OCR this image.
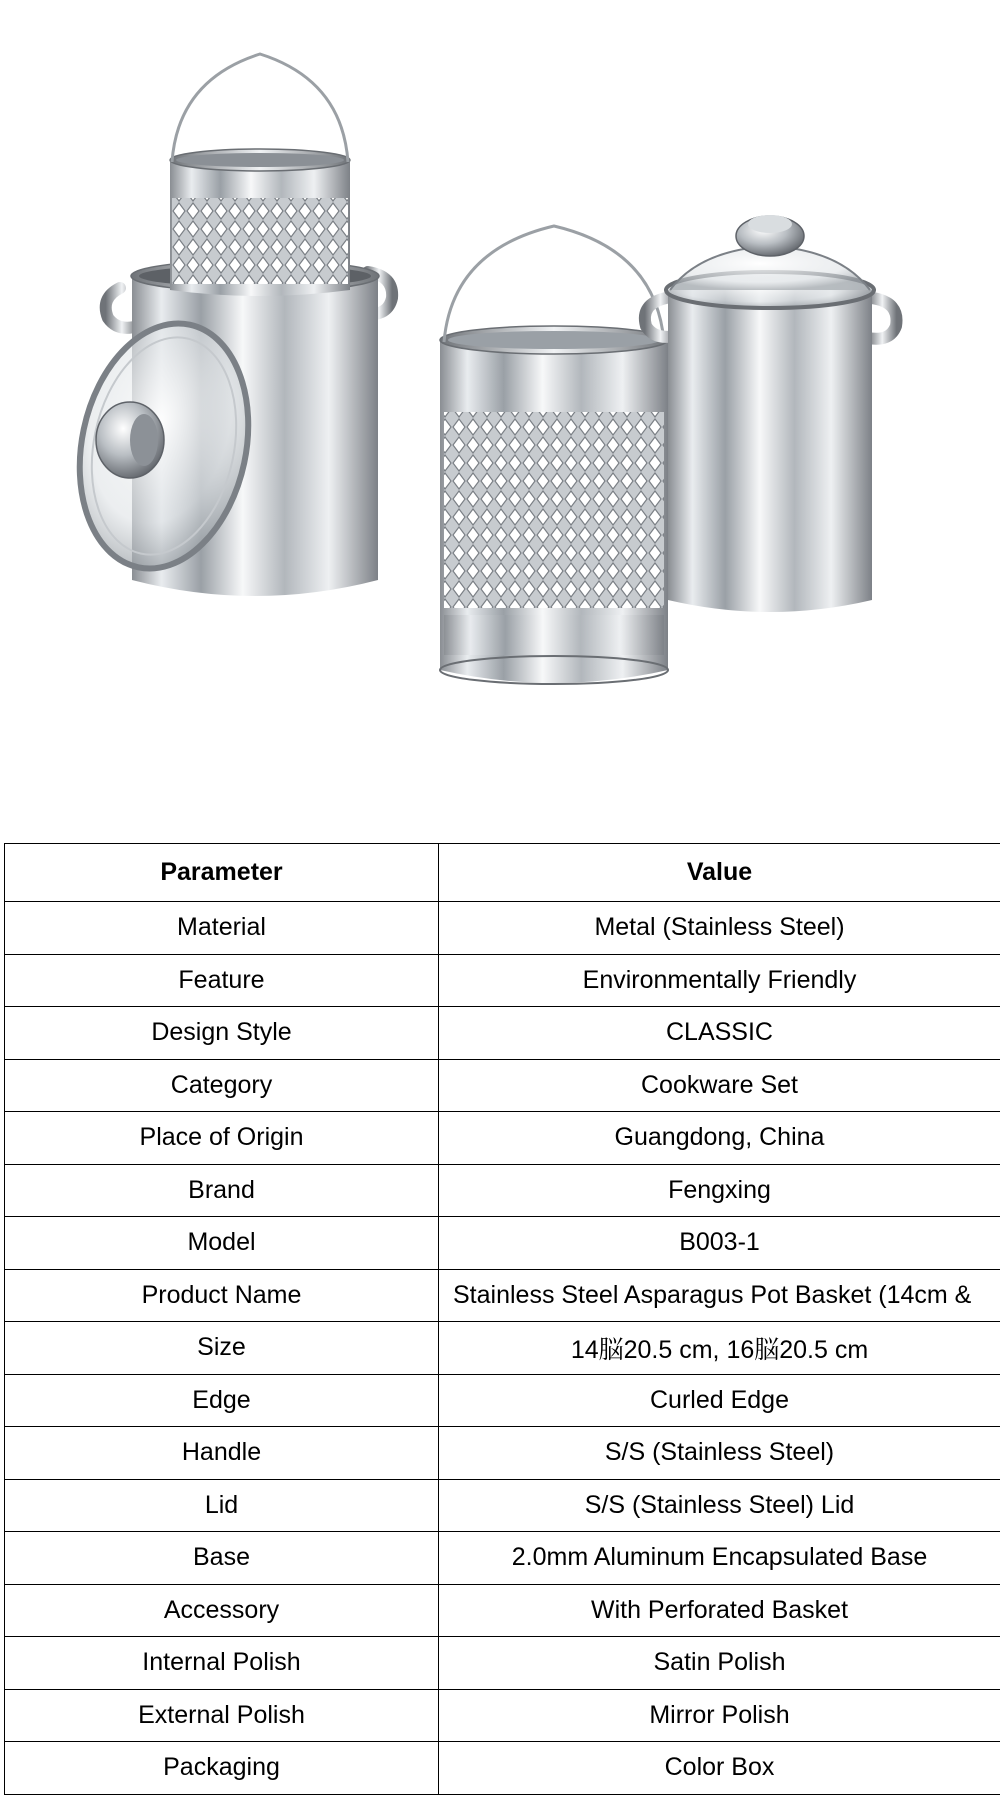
Parameter	Value
Material	Metal (Stainless Steel)
Feature	Environmentally Friendly
Design Style	CLASSIC
Category	Cookware Set
Place of Origin	Guangdong, China
Brand	Fengxing
Model	B003-1
Product Name	Stainless Steel Asparagus Pot Basket (14cm &
Size	14脳20.5 cm, 16脳20.5 cm
Edge	Curled Edge
Handle	S/S (Stainless Steel)
Lid	S/S (Stainless Steel) Lid
Base	2.0mm Aluminum Encapsulated Base
Accessory	With Perforated Basket
Internal Polish	Satin Polish
External Polish	Mirror Polish
Packaging	Color Box
